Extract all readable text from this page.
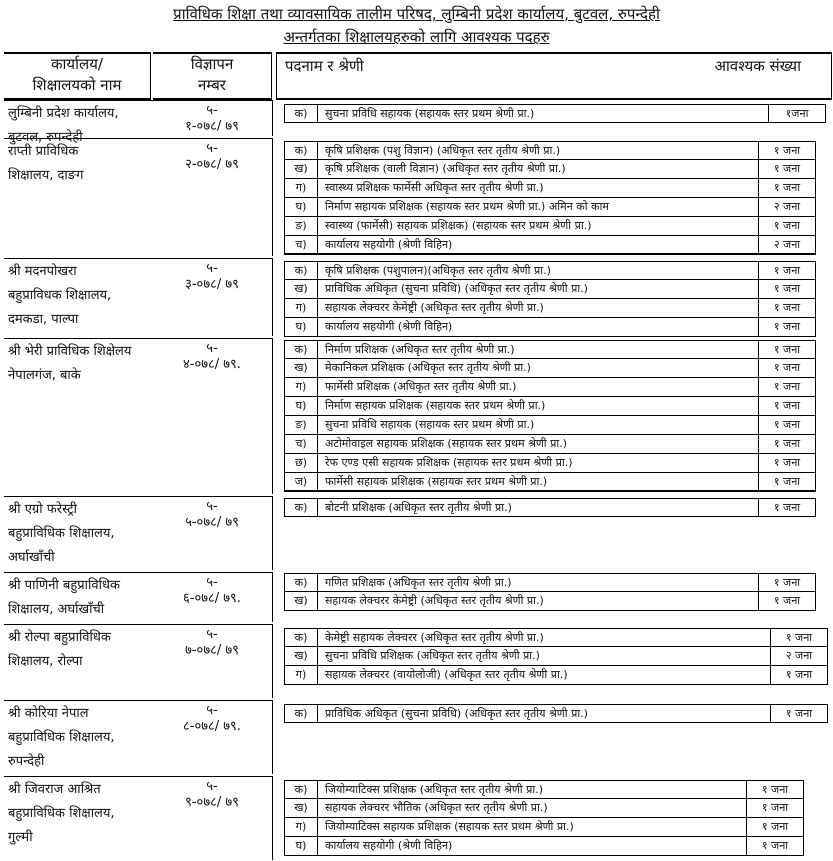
प्राविधिक शिक्षा तथा व्यावसायिक तालीम परिषद, लुम्बिनी प्रदेश कार्यालय, बुटवल, रुपन्देही
अन्तर्गतका शिक्षालयहरुको लागि आवश्यक पदहरु
कार्यालय/
शिक्षालयको नाम
विज्ञापन
नम्बर
पदनाम र श्रेणी	आवश्यक संख्या
लुम्बिनी प्रदेश कार्यालय,
बुटवल, रुपन्देही
५-
१-०७८/ ७९
क)	सुचना प्रविधि सहायक (सहायक स्तर प्रथम श्रेणी प्रा.)	१जना
राप्ती प्राविधिक
शिक्षालय, दाङग
५-
२-०७८/ ७९
क)	कृषि प्रशिक्षक (पशु विज्ञान) (अधिकृत स्तर तृतीय श्रेणी प्रा.)	१ जना
ख)	कृषि प्रशिक्षक (वाली विज्ञान) (अधिकृत स्तर तृतीय श्रेणी प्रा.)	१ जना
ग)	स्वास्थ्य प्रशिक्षक फार्मेसी अधिकृत स्तर तृतीय श्रेणी प्रा.)	१ जना
घ)	निर्माण सहायक प्रशिक्षक (सहायक स्तर प्रथम श्रेणी प्रा.) अमिन को काम	२ जना
ङ)	स्वास्थ्य (फार्मेसी) सहायक प्रशिक्षक) (सहायक स्तर प्रथम श्रेणी प्रा.)	१ जना
च)	कार्यालय सहयोगी (श्रेणी विहिन)	२ जना
श्री मदनपोखरा
बहुप्राविधक शिक्षालय,
दमकडा, पाल्पा
५-
३-०७८/ ७९
क)	कृषि प्रशिक्षक (पशुपालन)(अधिकृत स्तर तृतीय श्रेणी प्रा.)	१ जना
ख)	प्राविधिक अधिकृत (सुचना प्रविधि) (अधिकृत स्तर तृतीय श्रेणी प्रा.)	१ जना
ग)	सहायक लेक्चरर केमेष्ट्री (अधिकृत स्तर तृतीय श्रेणी प्रा.)	१ जना
घ)	कार्यालय सहयोगी (श्रेणी विहिन)	१ जना
श्री भेरी प्राविधिक शिक्षेलय
नेपालगंज, बाके
५-
४-०७८/ ७९.
क)	निर्माण प्रशिक्षक (अधिकृत स्तर तृतीय श्रेणी प्रा.)	१ जना
ख)	मेकानिकल प्रशिक्षक (अधिकृत स्तर तृतीय श्रेणी प्रा.)	१ जना
ग)	फार्मेसी प्रशिक्षक (अधिकृत स्तर तृतीय श्रेणी प्रा.)	१ जना
घ)	निर्माण सहायक प्रशिक्षक (सहायक स्तर प्रथम श्रेणी प्रा.)	१ जना
ङ)	सुचना प्रविधि सहायक (सहायक स्तर प्रथम श्रेणी प्रा.)	१ जना
च)	अटोमोवाइल सहायक प्रशिक्षक (सहायक स्तर प्रथम श्रेणी प्रा.)	१ जना
छ)	रेफ एण्ड एसी सहायक प्रशिक्षक (सहायक स्तर प्रथम श्रेणी प्रा.)	१ जना
ज)	फार्मेसी सहायक प्रशिक्षक (सहायक स्तर प्रथम श्रेणी प्रा.)	१ जना
श्री एग्रो फरेस्ट्री
बहुप्राविधिक शिक्षालय,
अर्घाखाँची
५-
५-०७८/ ७९
क)	बोटनी प्रशिक्षक (अधिकृत स्तर तृतीय श्रेणी प्रा.)	१ जना
श्री पाणिनी बहुप्राविधिक
शिक्षालय, अर्घाखाँची
५-
६-०७८/ ७९.
क)	गणित प्रशिक्षक (अधिकृत स्तर तृतीय श्रेणी प्रा.)	१ जना
ख)	सहायक लेक्चरर केमेष्ट्री (अधिकृत स्तर तृतीय श्रेणी प्रा.)	१ जना
श्री रोल्पा बहुप्राविधिक
शिक्षालय, रोल्पा
५-
७-०७८/ ७९
क)	केमेष्ट्री सहायक लेक्चरर (अधिकृत स्तर तृतीय श्रेणी प्रा.)	१ जना
ख)	सुचना प्रविधि प्रशिक्षक (अधिकृत स्तर तृतीय श्रेणी प्रा.)	२ जना
ग)	सहायक लेक्चरर (वायोलोजी) (अधिकृत स्तर तृतीय श्रेणी प्रा.)	१ जना
श्री कोरिया नेपाल
बहुप्राविधिक शिक्षालय,
रुपन्देही
५-
८-०७८/ ७९.
क)	प्राविधिक अधिकृत (सुचना प्रविधि) (अधिकृत स्तर तृतीय श्रेणी प्रा.)	१ जना
श्री जिवराज आश्रित
बहुप्राविधिक शिक्षालय,
गुल्मी
५-
९-०७८/ ७९
क)	जियोम्याटिक्स प्रशिक्षक (अधिकृत स्तर तृतीय श्रेणी प्रा.)	१ जना
ख)	सहायक लेक्चरर भौतिक (अधिकृत स्तर तृतीय श्रेणी प्रा.)	१ जना
ग)	जियोम्याटिक्स सहायक प्रशिक्षक (सहायक स्तर प्रथम श्रेणी प्रा.)	१ जना
घ)	कार्यालय सहयोगी (श्रेणी विहिन)	१ जना
